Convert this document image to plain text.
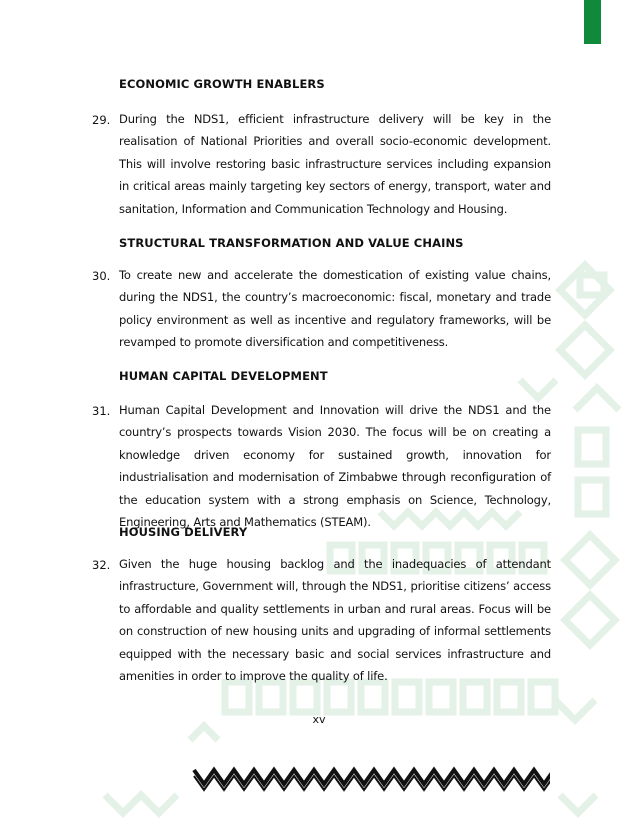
ECONOMIC GROWTH ENABLERS
29. During the NDS1, efficient infrastructure delivery will be key in the realisation of National Priorities and overall socio-economic development. This will involve restoring basic infrastructure services including expansion in critical areas mainly targeting key sectors of energy, transport, water and sanitation, Information and Communication Technology and Housing.
STRUCTURAL TRANSFORMATION AND VALUE CHAINS
30. To create new and accelerate the domestication of existing value chains, during the NDS1, the country’s macroeconomic: fiscal, monetary and trade policy environment as well as incentive and regulatory frameworks, will be revamped to promote diversification and competitiveness.
HUMAN CAPITAL DEVELOPMENT
31. Human Capital Development and Innovation will drive the NDS1 and the country’s prospects towards Vision 2030. The focus will be on creating a knowledge driven economy for sustained growth, innovation for industrialisation and modernisation of Zimbabwe through reconfiguration of the education system with a strong emphasis on Science, Technology, Engineering, Arts and Mathematics (STEAM).
HOUSING DELIVERY
32. Given the huge housing backlog and the inadequacies of attendant infrastructure, Government will, through the NDS1, prioritise citizens’ access to affordable and quality settlements in urban and rural areas. Focus will be on construction of new housing units and upgrading of informal settlements equipped with the necessary basic and social services infrastructure and amenities in order to improve the quality of life.
xv
